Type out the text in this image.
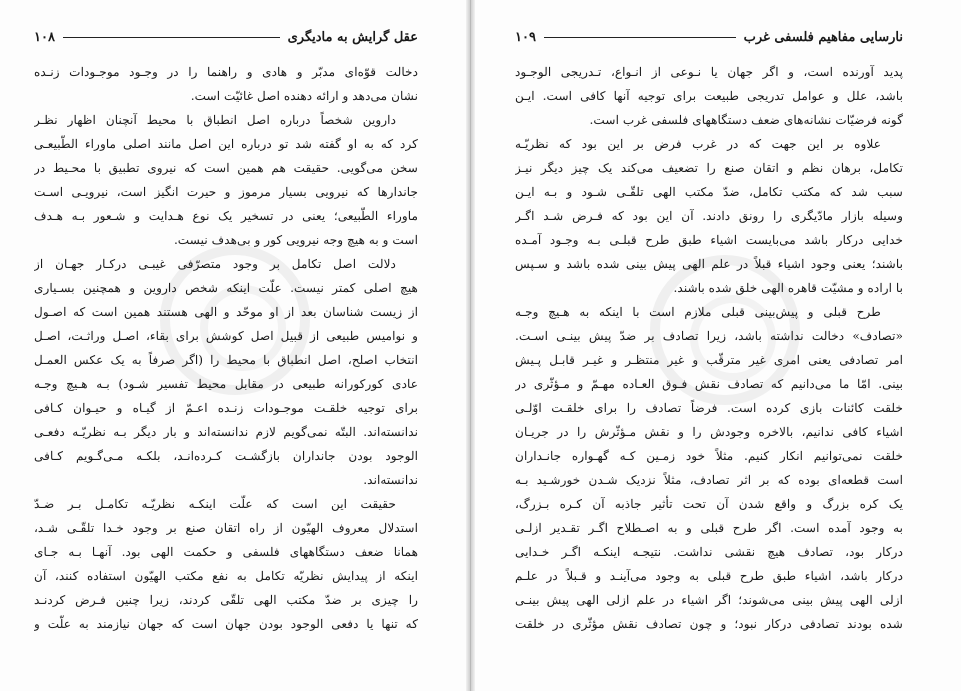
عقل گرایش به مادیگری
۱۰۸
دخالت قوّه‌ای مدبّر و هادی و راهنما را در وجـود موجـودات زنـده
نشان می‌دهد و ارائه دهنده اصل غائیّت است.
داروین شخصاً درباره اصل انطباق با محیط آنچنان اظهار نظـر
کرد که به او گفته شد تو درباره این اصل مانند اصلی ماوراء الطّبیعـی
سخن می‌گویی. حقیقت هم همین است که نیروی تطبیق با محـیط در
جاندارها که نیرویی بسیار مرموز و حیرت انگیز است، نیرویـی اسـت
ماوراء الطّبیعی؛ یعنی در تسخیر یک نوع هـدایت و شـعور بـه هـدف
است و به هیچ وجه نیرویی کور و بی‌هدف نیست.
دلالت اصل تکامل بر وجود متصرّفی غیبـی درکـار جهـان از
هیچ اصلی کمتر نیست. علّت اینکه شخص داروین و همچنین بسـیاری
از زیست شناسان بعد از او موحّد و الهی هستند همین است که اصـول
و نوامیس طبیعی از قبیل اصل کوشش برای بقاء، اصـل وراثـت، اصـل
انتخاب اصلح، اصل انطباق با محیط را (اگر صرفاً به یک عکس العمـل
عادی کورکورانه طبیعی در مقابل محیط تفسیر شـود) بـه هـیچ وجـه
برای توجیه خلقـت موجـودات زنـده اعـمّ از گیـاه و حیـوان کـافی
ندانسته‌اند. البتّه نمی‌گویم لازم ندانسته‌اند و بار دیگر بـه نظریّـه دفعـی
الوجود بودن جانداران بازگشـت کـرده‌انـد، بلکـه مـی‌گـویم کـافی
ندانسته‌اند.
حقیقت این است که علّت اینکـه نظریّـه تکامـل بـر ضـدّ
استدلال معروف الهیّون از راه اتقان صنع بر وجود خـدا تلقّـی شـد،
همانا ضعف دستگاههای فلسفی و حکمت الهی بود. آنهـا بـه جـای
اینکه از پیدایش نظریّه تکامل به نفع مکتب الهیّون استفاده کنند، آن
را چیزی بر ضدّ مکتب الهی تلقّی کردند، زیرا چنین فـرض کردنـد
که تنها یا دفعی الوجود بودن جهان است که جهان نیازمند به علّت و
نارسایی مفاهیم فلسفی غرب
۱۰۹
پدید آورنده است، و اگر جهان یا نـوعی از انـواع، تـدریجی الوجـود
باشد، علل و عوامل تدریجی طبیعت برای توجیه آنها کافی است. ایـن
گونه فرضیّات نشانه‌های ضعف دستگاههای فلسفی غرب است.
علاوه بر این جهت که در غرب فرض بر این بود که نظریّـه
تکامل، برهان نظم و اتقان صنع را تضعیف می‌کند یک چیز دیگر نیـز
سبب شد که مکتب تکامل، ضدّ مکتب الهی تلقّـی شـود و بـه ایـن
وسیله بازار مادّیگری را رونق دادند. آن این بود که فـرض شـد اگـر
خدایی درکار باشد می‌بایست اشیاء طبق طرح قبلـی بـه وجـود آمـده
باشند؛ یعنی وجود اشیاء قبلاً در علم الهی پیش بینی شده باشد و سـپس
با اراده و مشیّت قاهره الهی خلق شده باشند.
طرح قبلی و پیش‌بینی قبلی ملازم است با اینکه به هـیچ وجـه
«تصادف» دخالت نداشته باشد، زیرا تصادف بر ضدّ پیش بینـی اسـت.
امر تصادفی یعنی امری غیر مترقّب و غیر منتظـر و غیـر قابـل پـیش
بینی. امّا ما می‌دانیم که تصادف نقش فـوق العـاده مهـمّ و مـؤثّری در
خلقت کائنات بازی کرده است. فرضاً تصادف را برای خلقـت اوّلـی
اشیاء کافی ندانیم، بالاخره وجودش را و نقش مـؤثّرش را در جریـان
خلقت نمی‌توانیم انکار کنیم. مثلاً خود زمـین کـه گهـواره جانـداران
است قطعه‌ای بوده که بر اثر تصادف، مثلاً نزدیک شـدن خورشـید بـه
یک کره بزرگ و واقع شدن آن تحت تأثیر جاذبه آن کـره بـزرگ،
به وجود آمده است. اگر طرح قبلی و به اصـطلاح اگـر تقـدیر ازلـی
درکار بود، تصادف هیچ نقشی نداشت. نتیجـه اینکـه اگـر خـدایی
درکار باشد، اشیاء طبق طرح قبلی به وجود می‌آینـد و قـبلاً در علـم
ازلی الهی پیش بینی می‌شوند؛ اگر اشیاء در علم ازلی الهی پیش بینـی
شده بودند تصادفی درکار نبود؛ و چون تصادف نقش مؤثّری در خلقت
